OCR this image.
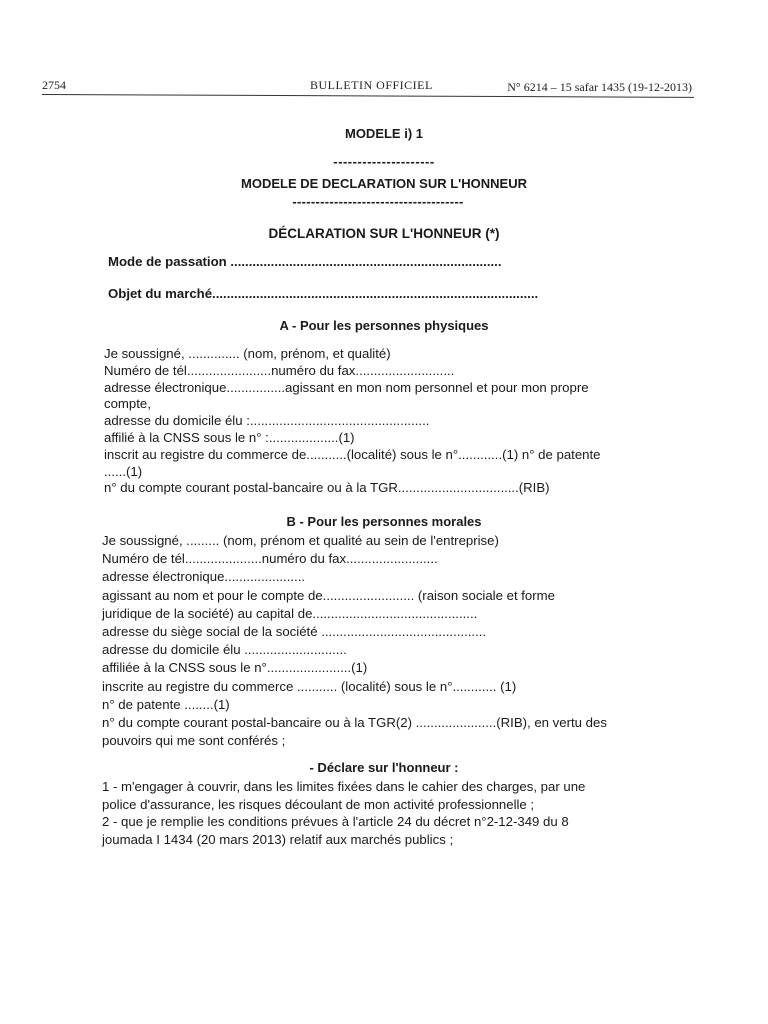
2754	BULLETIN OFFICIEL	N° 6214 – 15 safar 1435 (19-12-2013)
MODELE i) 1
---------------------
MODELE DE DECLARATION SUR L'HONNEUR
-------------------------------------
DÉCLARATION SUR L'HONNEUR (*)
Mode de passation ..........................................................................
Objet du marché.........................................................................................
A - Pour les personnes physiques
Je soussigné, .............. (nom, prénom, et qualité)
Numéro de tél.......................numéro du fax...........................
adresse électronique................agissant en mon nom personnel et pour mon propre
compte,
adresse du domicile élu :.................................................
affilié à la CNSS sous le n° :...................(1)
inscrit au registre du commerce de...........(localité) sous le n°............(1) n° de patente
......(1)
n° du compte courant postal-bancaire ou à la TGR.................................(RIB)
B - Pour les personnes morales
Je soussigné, ......... (nom, prénom et qualité au sein de l'entreprise)
Numéro de tél.....................numéro du fax.........................
adresse électronique......................
agissant au nom et pour le compte de......................... (raison sociale et forme
juridique de la société) au capital de.............................................
adresse du siège social de la société .............................................
adresse du domicile élu ............................
affiliée à la CNSS sous le n°.......................(1)
inscrite au registre du commerce ........... (localité) sous le n°............ (1)
n° de patente ........(1)
n° du compte courant postal-bancaire ou à la TGR(2) ......................(RIB), en vertu des
pouvoirs qui me sont conférés ;
- Déclare sur l'honneur :
1 - m'engager à couvrir, dans les limites fixées dans le cahier des charges, par une
police d'assurance, les risques découlant de mon activité professionnelle ;
2 - que je remplie les conditions prévues à l'article 24 du décret n°2-12-349 du 8
joumada I 1434 (20 mars 2013) relatif aux marchés publics ;
